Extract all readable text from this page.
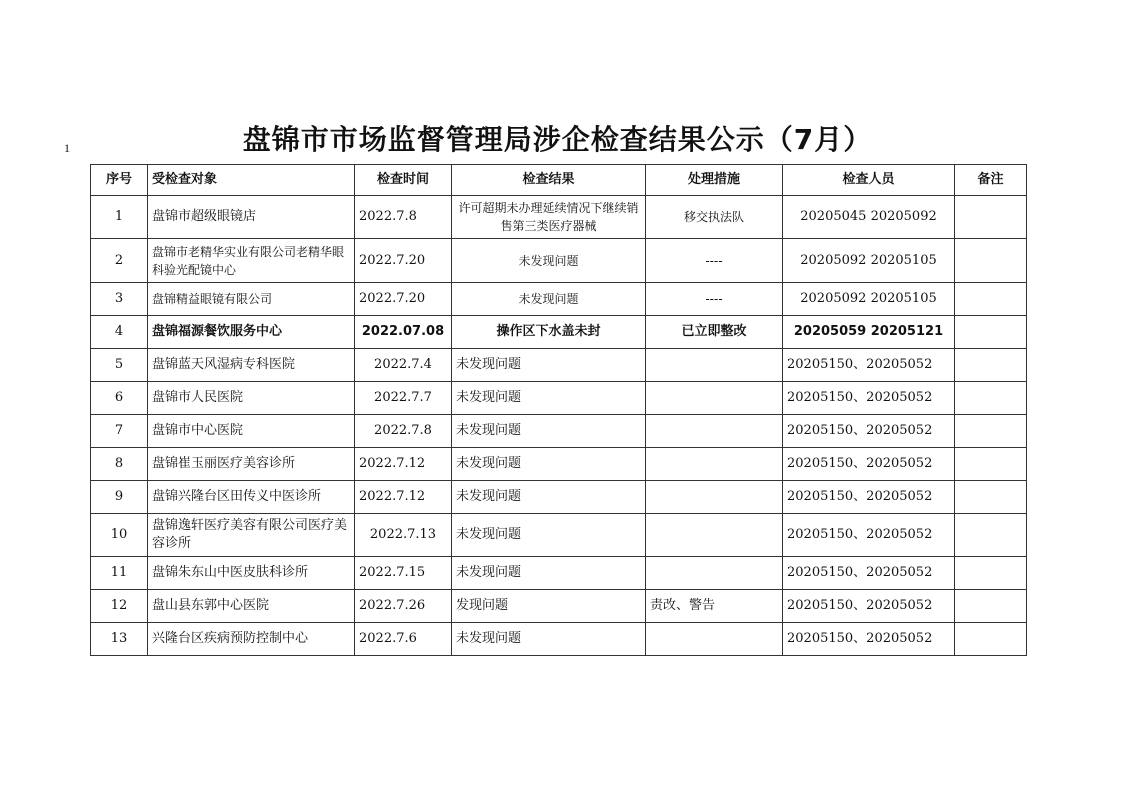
1	盘锦市市场监督管理局涉企检查结果公示（7月）
序号	受检查对象	检查时间	检查结果	处理措施	检查人员	备注
1	盘锦市超级眼镜店	2022.7.8	许可超期未办理延续情况下继续销售第三类医疗器械	移交执法队	20205045 20205092	
2	盘锦市老精华实业有限公司老精华眼科验光配镜中心	2022.7.20	未发现问题	----	20205092 20205105	
3	盘锦精益眼镜有限公司	2022.7.20	未发现问题	----	20205092 20205105	
4	盘锦福源餐饮服务中心	2022.07.08	操作区下水盖未封	已立即整改	20205059 20205121	
5	盘锦蓝天风湿病专科医院	2022.7.4	未发现问题		20205150、20205052	
6	盘锦市人民医院	2022.7.7	未发现问题		20205150、20205052	
7	盘锦市中心医院	2022.7.8	未发现问题		20205150、20205052	
8	盘锦崔玉丽医疗美容诊所	2022.7.12	未发现问题		20205150、20205052	
9	盘锦兴隆台区田传义中医诊所	2022.7.12	未发现问题		20205150、20205052	
10	盘锦逸轩医疗美容有限公司医疗美容诊所	2022.7.13	未发现问题		20205150、20205052	
11	盘锦朱东山中医皮肤科诊所	2022.7.15	未发现问题		20205150、20205052	
12	盘山县东郭中心医院	2022.7.26	发现问题	责改、警告	20205150、20205052	
13	兴隆台区疾病预防控制中心	2022.7.6	未发现问题		20205150、20205052	
